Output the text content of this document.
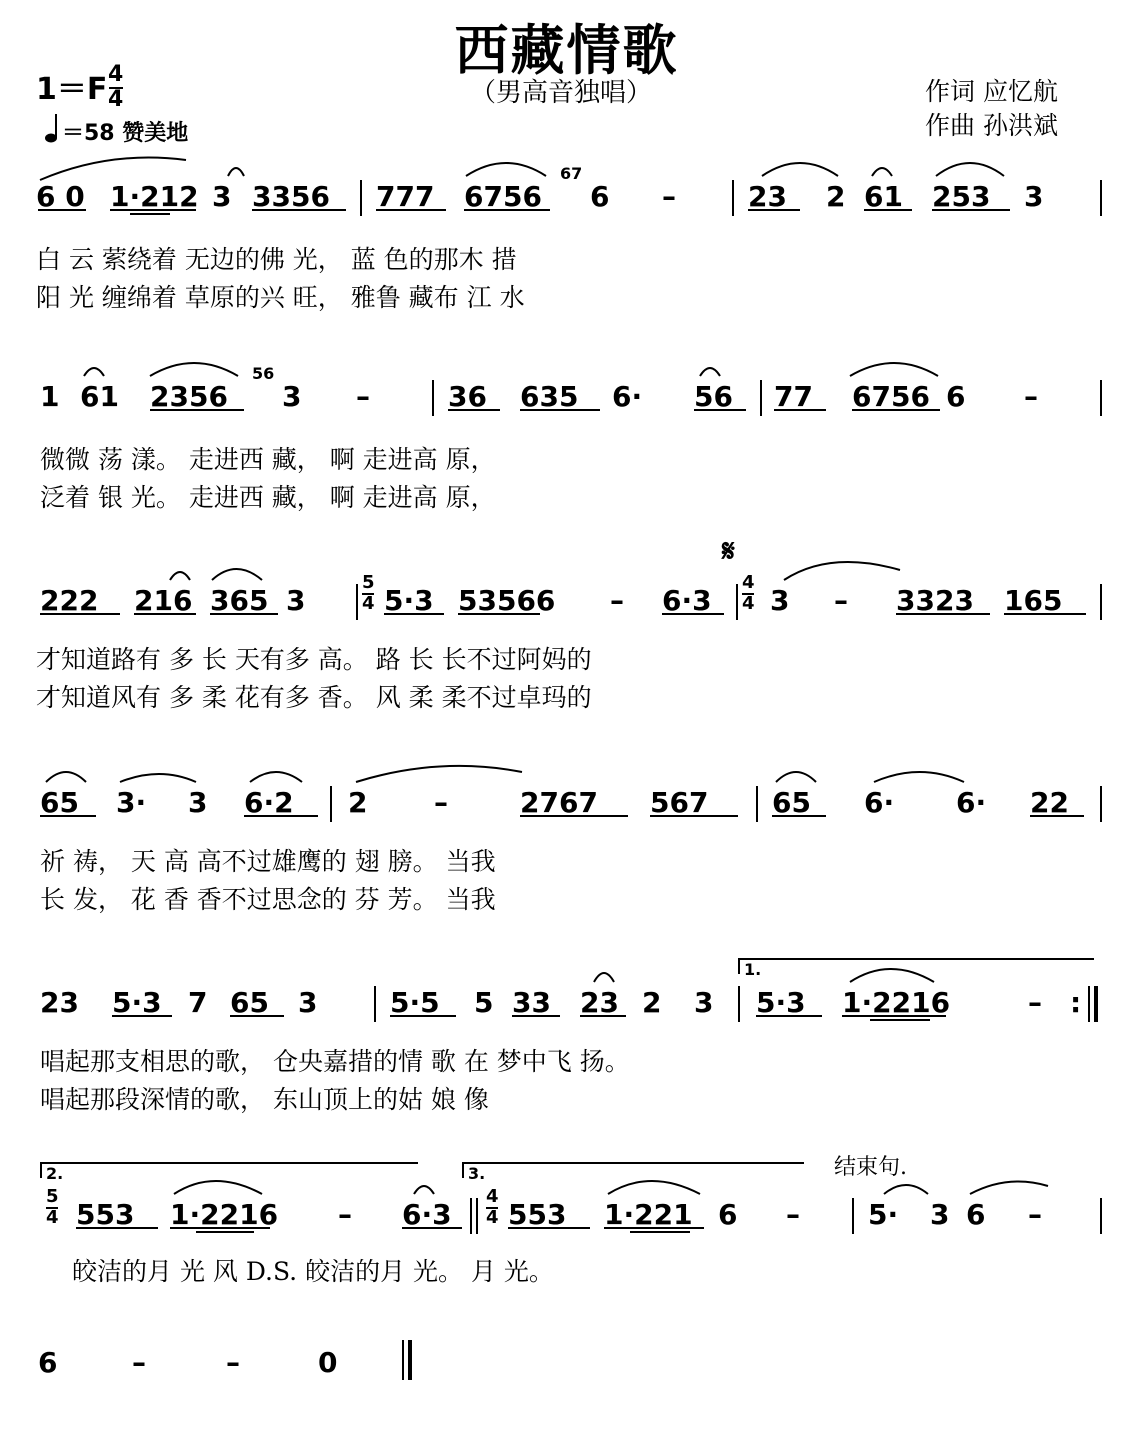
西藏情歌
（男高音独唱）	作词 应忆航
作曲 孙洪斌
1＝F 4
4
＝58 赞美地
6 0 1·212 3 3356 777 6756 6 –	23 2 61 253 3
67
白 云 萦绕着 无边的佛 光， 蓝 色的那木 措
阳 光 缠绵着 草原的兴 旺， 雅鲁 藏布 江 水
1 61 2356 3 –	36 635 6· 56 77 6756 6 –
56
微微 荡 漾。 走进西 藏， 啊 走进高 原，
泛着 银 光。 走进西 藏， 啊 走进高 原，
222 216 365 3	5·3 53566 – 6·3 3 – 3323 165
5
4
4
4
𝄋
才知道路有 多 长 天有多 高。 路 长 长不过阿妈的
才知道风有 多 柔 花有多 香。 风 柔 柔不过卓玛的
65 3· 3 6·2 2 –	2767 567 65 6· 6· 22
祈 祷， 天 高 高不过雄鹰的 翅 膀。 当我
长 发， 花 香 香不过思念的 芬 芳。 当我
23 5·3 7 65 3	5·5 5 33 23 2 3 5·3 1·2216	– :
1.
唱起那支相思的歌， 仓央嘉措的情 歌 在 梦中飞 扬。
唱起那段深情的歌， 东山顶上的姑 娘 像
553 1·2216 – 6·3 553 1·221 6 – 5· 3 6 –
5
4
4
4
2.	3.	结束句.
皎洁的月 光 风 D.S. 皎洁的月 光。 月 光。
6	–	–	0
